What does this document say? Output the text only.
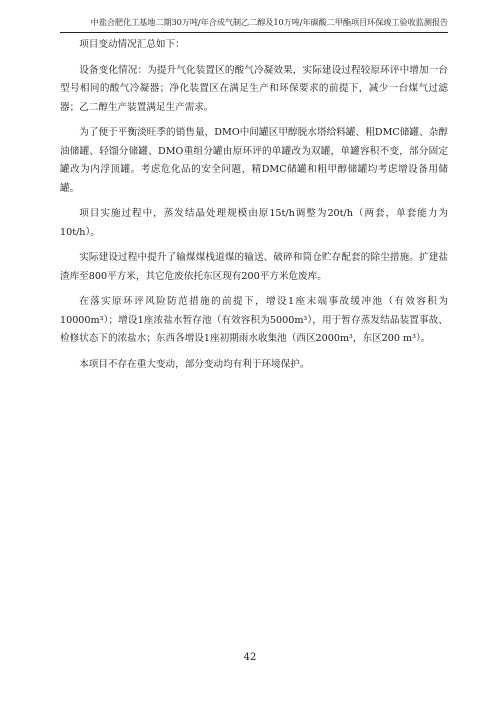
中盐合肥化工基地二期30万吨/年合成气制乙二醇及10万吨/年碳酸二甲酯项目环保竣工验收监测报告

项目变动情况汇总如下：

设备变化情况：为提升气化装置区的酸气冷凝效果，实际建设过程较原环评中增加一台型号相同的酸气冷凝器；净化装置区在满足生产和环保要求的前提下，减少一台煤气过滤器；乙二醇生产装置满足生产需求。

为了便于平衡淡旺季的销售量，DMO中间罐区甲醇脱水塔给料罐、粗DMC储罐、杂醇油储罐、轻馏分储罐、DMO重组分罐由原环评的单罐改为双罐，单罐容积不变，部分固定罐改为内浮顶罐。考虑危化品的安全问题，精DMC储罐和粗甲醇储罐均考虑增设备用储罐。

项目实施过程中，蒸发结晶处理规模由原15t/h调整为20t/h（两套，单套能力为10t/h）。

实际建设过程中提升了输煤煤栈道煤的输送、破碎和筒仓贮存配套的除尘措施。扩建盐渣库至800平方米，其它危废依托东区现有200平方米危废库。

在落实原环评风险防范措施的前提下，增设1座末端事故缓冲池（有效容积为10000m³）；增设1座浓盐水暂存池（有效容积为5000m³），用于暂存蒸发结晶装置事故、检修状态下的浓盐水；东西各增设1座初期雨水收集池（西区2000m³，东区200 m³）。

本项目不存在重大变动，部分变动均有利于环境保护。

42
